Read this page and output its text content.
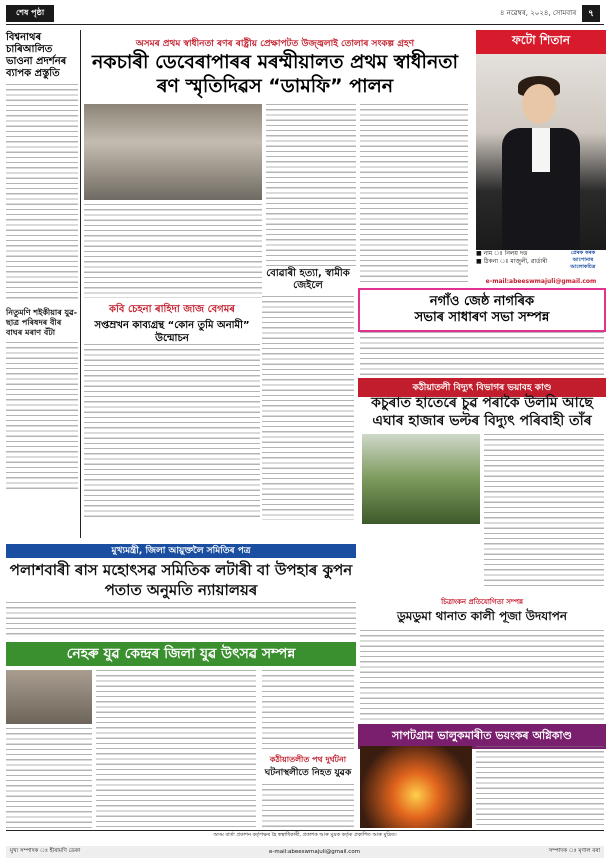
শেষ পৃষ্ঠা	৪ নৱেম্বৰ, ২০২৪, সোমবাৰ	৭
বিশ্বনাথৰ চাৰিআলিত ভাওনা প্ৰদৰ্শনৰ ব্যাপক প্ৰস্তুতি
নিতুমণি শইকীয়াৰ যুৱ-ছাত্ৰ পৰিষদৰ বীৰ বাঘৰ মৰাণ বঁটা
অসমৰ প্ৰথম স্বাধীনতা ৰণৰ ৰাষ্ট্ৰীয় প্ৰেক্ষাপটত উজ্জ্বলাই তোলাৰ সংকল্প গ্ৰহণ
নকচাৰী ডেবেৰাপাৰৰ মৰম্মীয়ালত প্ৰথম স্বাধীনতা ৰণ স্মৃতিদিৱস “ডামফি” পালন
ফটো শিতান
■ নাম ঃ নিলয় দত্ত
■ ঠিকনা ঃ মাজুলী, ৱাৰ্ডাৰী
প্ৰেৰক কৰক আপোনাৰ আলোকচিত্ৰ
e-mail:abeeswmajuli@gmail.com
কবি চেহনা ৰাহিদা জাজ বেগমৰ
সপ্তম্ৰখন কাব্যগ্ৰন্থ “কোন তুমি অনামী” উন্মোচন
বোৱাৰী হত্যা, স্বামীক জেইলে
নগাঁও জেষ্ঠ নাগৰিক
সভাৰ সাধাৰণ সভা সম্পন্ন
কঠীয়াতলী বিদ্যুৎ বিভাগৰ ভয়াবহ কাণ্ড
কচুৰাত হাতেৰে চুৱ পৰাকৈ উলমি আছে এঘাৰ হাজাৰ ভল্টৰ বিদ্যুৎ পৰিবাহী তাঁৰ
মুখ্যমন্ত্ৰী, জিলা আয়ুক্তলৈ সমিতিৰ পত্ৰ
পলাশবাৰী ৰাস মহোৎসৱ সমিতিক লটাৰী বা উপহাৰ কুপন পতাত অনুমতি ন্যায়ালয়ৰ
নেহৰু যুৱ কেন্দ্ৰৰ জিলা যুৱ উৎসৱ সম্পন্ন
কঠীয়াতলীত পথ দুৰ্ঘটনা
ঘটনাস্থলীতে নিহত যুৱক
চিত্ৰাংকন প্ৰতিযোগিতা সম্পন্ন
ডুমডুমা থানাত কালী পূজা উদযাপন
সাপটগ্ৰাম ভালুকমাৰীত ভয়ংকৰ অগ্নিকাণ্ড
অসম বাৰ্তা প্ৰকাশন কৰ্তৃপক্ষৰ হৈ স্বত্বাধিকাৰী, প্ৰকাশক আৰু মুদ্ৰক কৰ্তৃক প্ৰকাশিত আৰু মুদ্ৰিত।
মুখ্য সম্পাদক ঃ হীৰামণি ডেকা	e-mail:abeeswmajuli@gmail.com	সম্পাদক ঃ মৃণাল বৰা
